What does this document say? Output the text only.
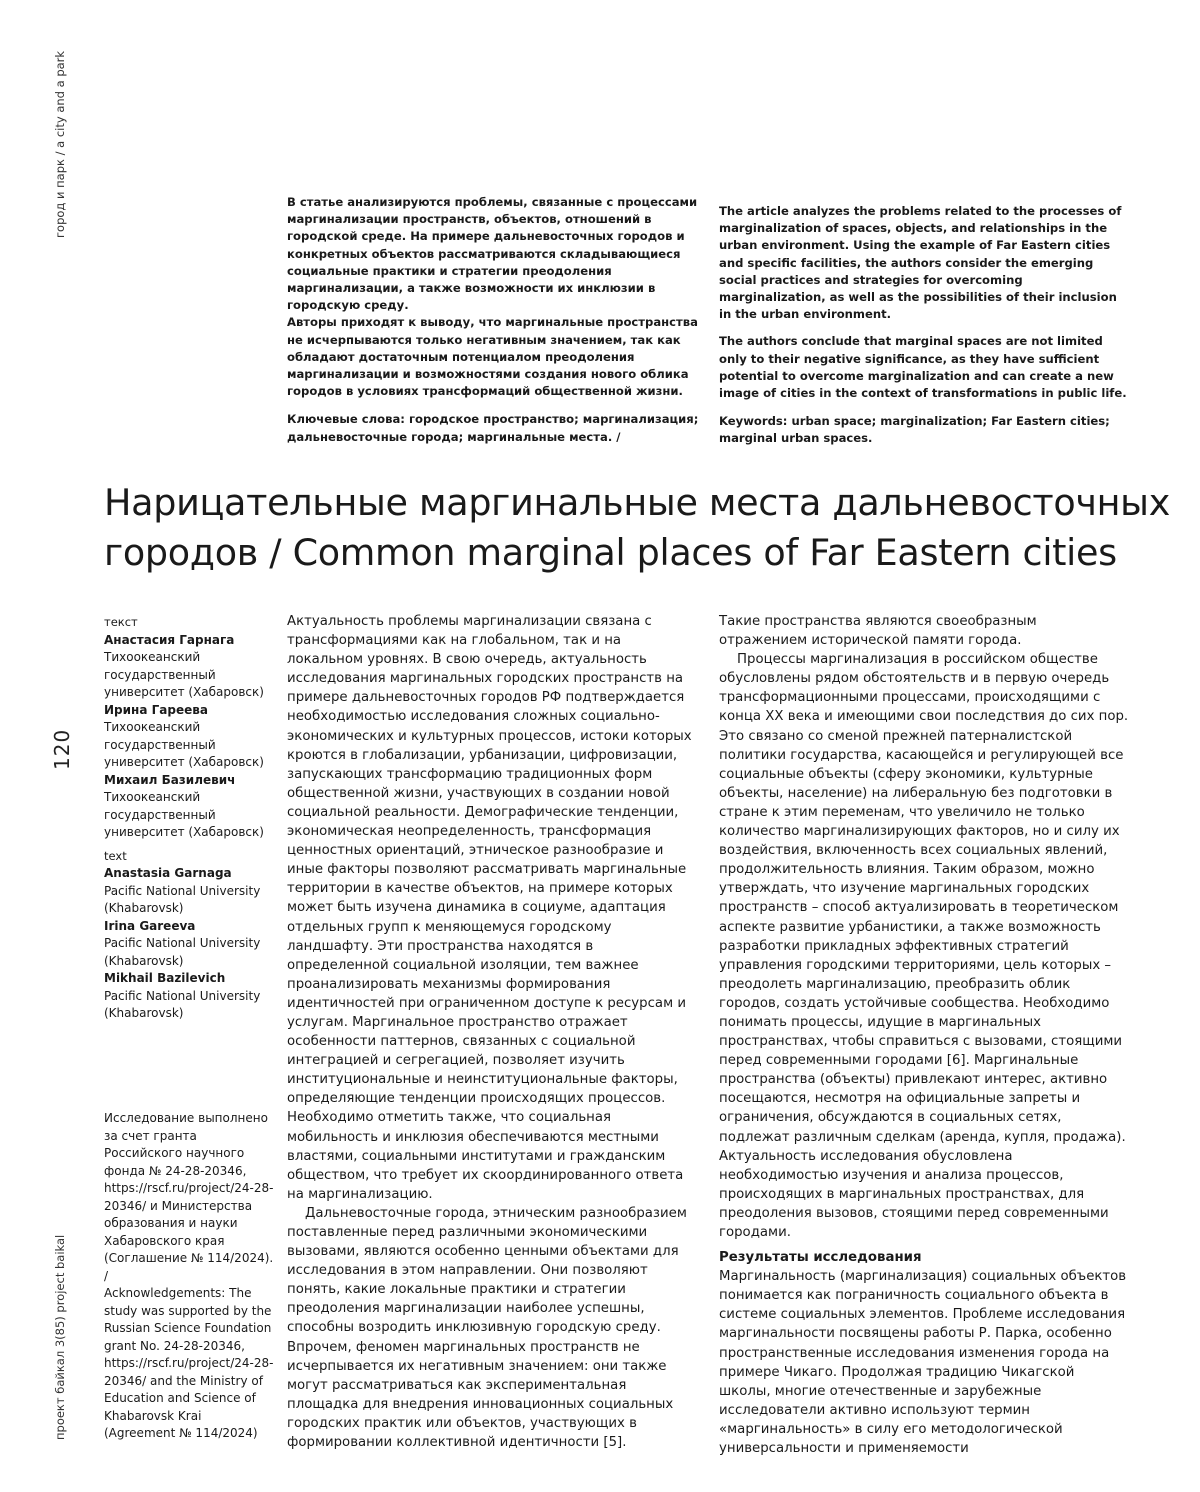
город и парк / a city and a park
120
проект байкал 3(85) project baikal

В статье анализируются проблемы, связанные с процессами маргинализации пространств, объектов, отношений в городской среде. На примере дальневосточных городов и конкретных объектов рассматриваются складывающиеся социальные практики и стратегии преодоления маргинализации, а также возможности их инклюзии в городскую среду.

Авторы приходят к выводу, что маргинальные пространства не исчерпываются только негативным значением, так как обладают достаточным потенциалом преодоления маргинализации и возможностями создания нового облика городов в условиях трансформаций общественной жизни.

Ключевые слова: городское пространство; маргинализация; дальневосточные города; маргинальные места. /

The article analyzes the problems related to the processes of marginalization of spaces, objects, and relationships in the urban environment. Using the example of Far Eastern cities and specific facilities, the authors consider the emerging social practices and strategies for overcoming marginalization, as well as the possibilities of their inclusion in the urban environment.

The authors conclude that marginal spaces are not limited only to their negative significance, as they have sufficient potential to overcome marginalization and can create a new image of cities in the context of transformations in public life.

Keywords: urban space; marginalization; Far Eastern cities; marginal urban spaces.

Нарицательные маргинальные места дальневосточных
городов / Common marginal places of Far Eastern cities
текст
Анастасия Гарнага
Тихоокеанский государственный университет (Хабаровск)
Ирина Гареева
Тихоокеанский государственный университет (Хабаровск)
Михаил Базилевич
Тихоокеанский государственный университет (Хабаровск)
text
Anastasia Garnaga
Pacific National University (Khabarovsk)
Irina Gareeva
Pacific National University (Khabarovsk)
Mikhail Bazilevich
Pacific National University (Khabarovsk)
Исследование выполнено за счет гранта Российского научного фонда № 24-28-20346, https://rscf.ru/project/24-28-20346/ и Министерства образования и науки Хабаровского края (Соглашение № 114/2024). /
Acknowledgements: The study was supported by the Russian Science Foundation grant No. 24-28-20346, https://rscf.ru/project/24-28-20346/ and the Ministry of Education and Science of Khabarovsk Krai (Agreement № 114/2024)

Актуальность проблемы маргинализации связана с трансформациями как на глобальном, так и на локальном уровнях. В свою очередь, актуальность исследования маргинальных городских пространств на примере дальневосточных городов РФ подтверждается необходимостью исследования сложных социально-экономических и культурных процессов, истоки которых кроются в глобализации, урбанизации, цифровизации, запускающих трансформацию традиционных форм общественной жизни, участвующих в создании новой социальной реальности. Демографические тенденции, экономическая неопределенность, трансформация ценностных ориентаций, этническое разнообразие и иные факторы позволяют рассматривать маргинальные территории в качестве объектов, на примере которых может быть изучена динамика в социуме, адаптация отдельных групп к меняющемуся городскому ландшафту. Эти пространства находятся в определенной социальной изоляции, тем важнее проанализировать механизмы формирования идентичностей при ограниченном доступе к ресурсам и услугам. Маргинальное пространство отражает особенности паттернов, связанных с социальной интеграцией и сегрегацией, позволяет изучить институциональные и неинституциональные факторы, определяющие тенденции происходящих процессов. Необходимо отметить также, что социальная мобильность и инклюзия обеспечиваются местными властями, социальными институтами и гражданским обществом, что требует их скоординированного ответа на маргинализацию.

Дальневосточные города, этническим разнообразием поставленные перед различными экономическими вызовами, являются особенно ценными объектами для исследования в этом направлении. Они позволяют понять, какие локальные практики и стратегии преодоления маргинализации наиболее успешны, способны возродить инклюзивную городскую среду. Впрочем, феномен маргинальных пространств не исчерпывается их негативным значением: они также могут рассматриваться как экспериментальная площадка для внедрения инновационных социальных городских практик или объектов, участвующих в формировании коллективной идентичности [5].

Такие пространства являются своеобразным отражением исторической памяти города.

Процессы маргинализация в российском обществе обусловлены рядом обстоятельств и в первую очередь трансформационными процессами, происходящими с конца XX века и имеющими свои последствия до сих пор. Это связано со сменой прежней патерналистской политики государства, касающейся и регулирующей все социальные объекты (сферу экономики, культурные объекты, население) на либеральную без подготовки в стране к этим переменам, что увеличило не только количество маргинализирующих факторов, но и силу их воздействия, включенность всех социальных явлений, продолжительность влияния. Таким образом, можно утверждать, что изучение маргинальных городских пространств – способ актуализировать в теоретическом аспекте развитие урбанистики, а также возможность разработки прикладных эффективных стратегий управления городскими территориями, цель которых – преодолеть маргинализацию, преобразить облик городов, создать устойчивые сообщества. Необходимо понимать процессы, идущие в маргинальных пространствах, чтобы справиться с вызовами, стоящими перед современными городами [6]. Маргинальные пространства (объекты) привлекают интерес, активно посещаются, несмотря на официальные запреты и ограничения, обсуждаются в социальных сетях, подлежат различным сделкам (аренда, купля, продажа). Актуальность исследования обусловлена необходимостью изучения и анализа процессов, происходящих в маргинальных пространствах, для преодоления вызовов, стоящими перед современными городами.

Результаты исследования

Маргинальность (маргинализация) социальных объектов понимается как пограничность социального объекта в системе социальных элементов. Проблеме исследования маргинальности посвящены работы Р. Парка, особенно пространственные исследования изменения города на примере Чикаго. Продолжая традицию Чикагской школы, многие отечественные и зарубежные исследователи активно используют термин «маргинальность» в силу его методологической универсальности и применяемости
